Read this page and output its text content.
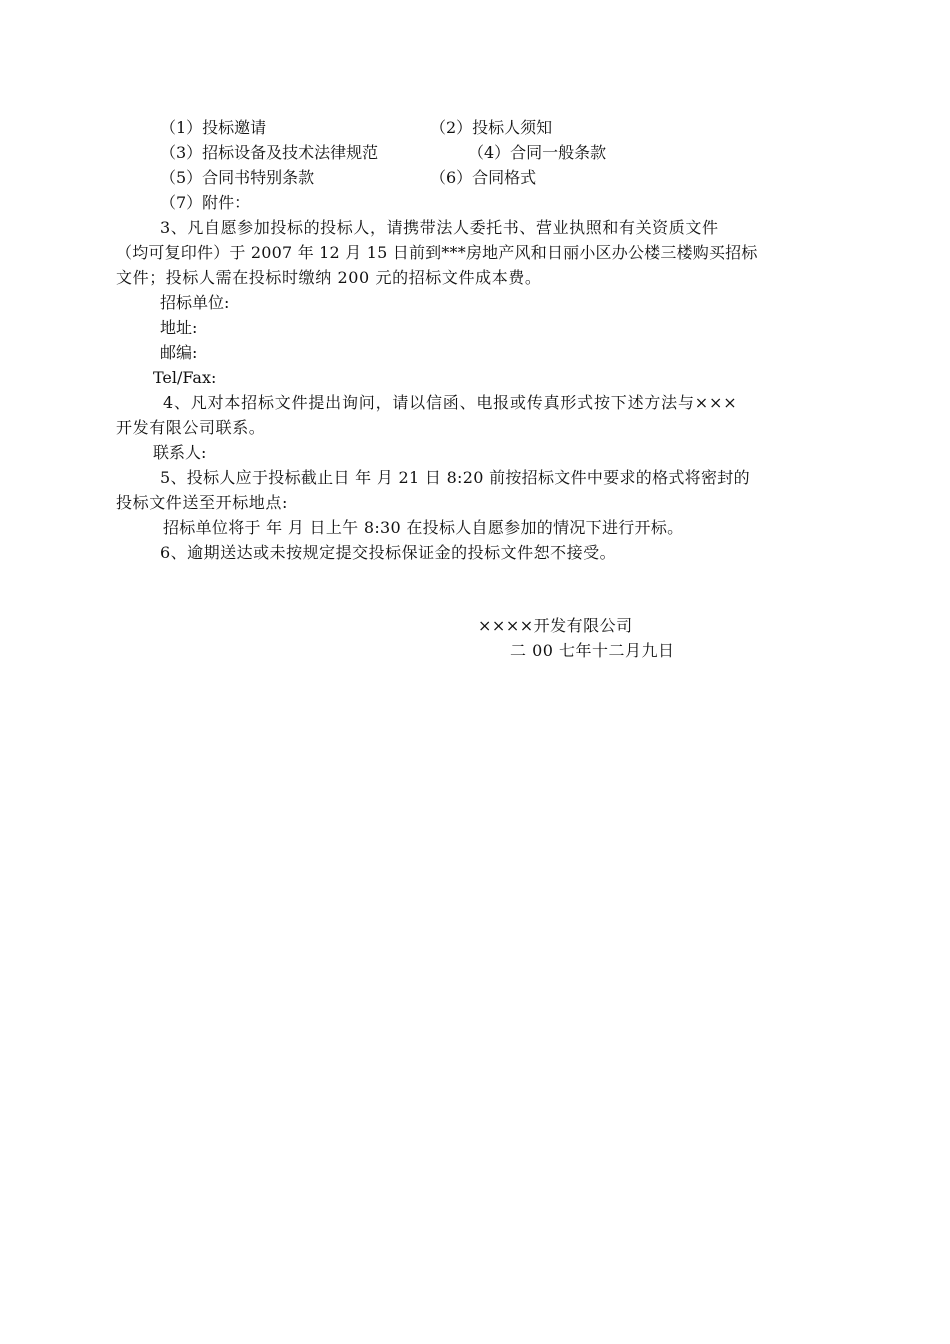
（1）投标邀请	（2）投标人须知
（3）招标设备及技术法律规范	（4）合同一般条款
（5）合同书特别条款	（6）合同格式
（7）附件：
3、凡自愿参加投标的投标人，请携带法人委托书、营业执照和有关资质文件
（均可复印件）于 2007 年 12 月 15 日前到***房地产风和日丽小区办公楼三楼购买招标
文件；投标人需在投标时缴纳 200 元的招标文件成本费。
招标单位:
地址:
邮编:
Tel/Fax:
4、凡对本招标文件提出询问，请以信函、电报或传真形式按下述方法与×××
开发有限公司联系。
联系人:
5、投标人应于投标截止日 年 月 21 日 8:20 前按招标文件中要求的格式将密封的
投标文件送至开标地点:
招标单位将于 年 月 日上午 8:30 在投标人自愿参加的情况下进行开标。
6、逾期送达或未按规定提交投标保证金的投标文件恕不接受。
××××开发有限公司
二 00 七年十二月九日
